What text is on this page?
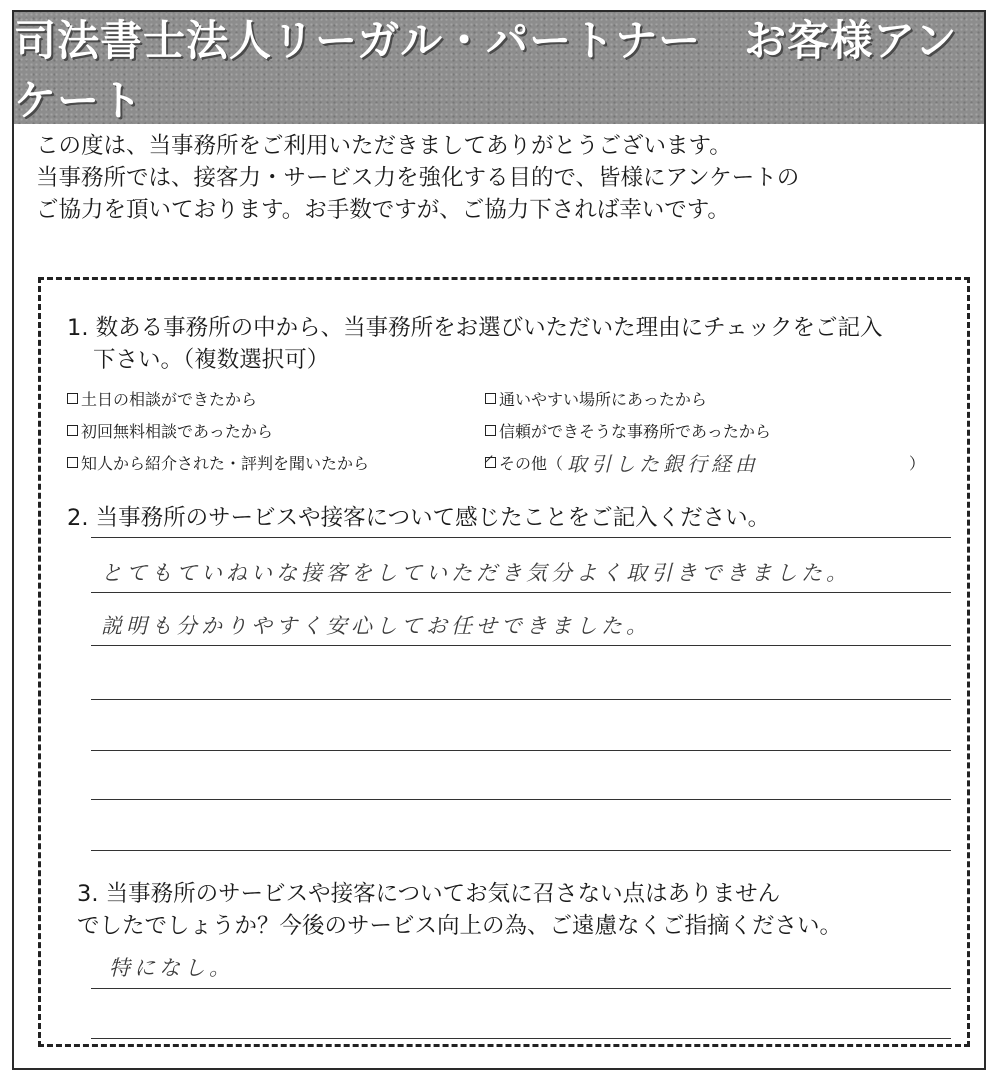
司法書士法人リーガル・パートナー　お客様アンケート

この度は、当事務所をご利用いただきましてありがとうございます。

当事務所では、接客力・サービス力を強化する目的で、皆様にアンケートの

ご協力を頂いております。お手数ですが、ご協力下されば幸いです。

1. 数ある事務所の中から、当事務所をお選びいただいた理由にチェックをご記入
下さい。（複数選択可）
土日の相談ができたから	通いやすい場所にあったから
初回無料相談であったから	信頼ができそうな事務所であったから
知人から紹介された・評判を聞いたから	その他（ 取引した銀行経由	）
2. 当事務所のサービスや接客について感じたことをご記入ください。
とてもていねいな接客をしていただき気分よく取引きできました。
説明も分かりやすく安心してお任せできました。
3. 当事務所のサービスや接客についてお気に召さない点はありません
でしたでしょうか？今後のサービス向上の為、ご遠慮なくご指摘ください。
特になし。
